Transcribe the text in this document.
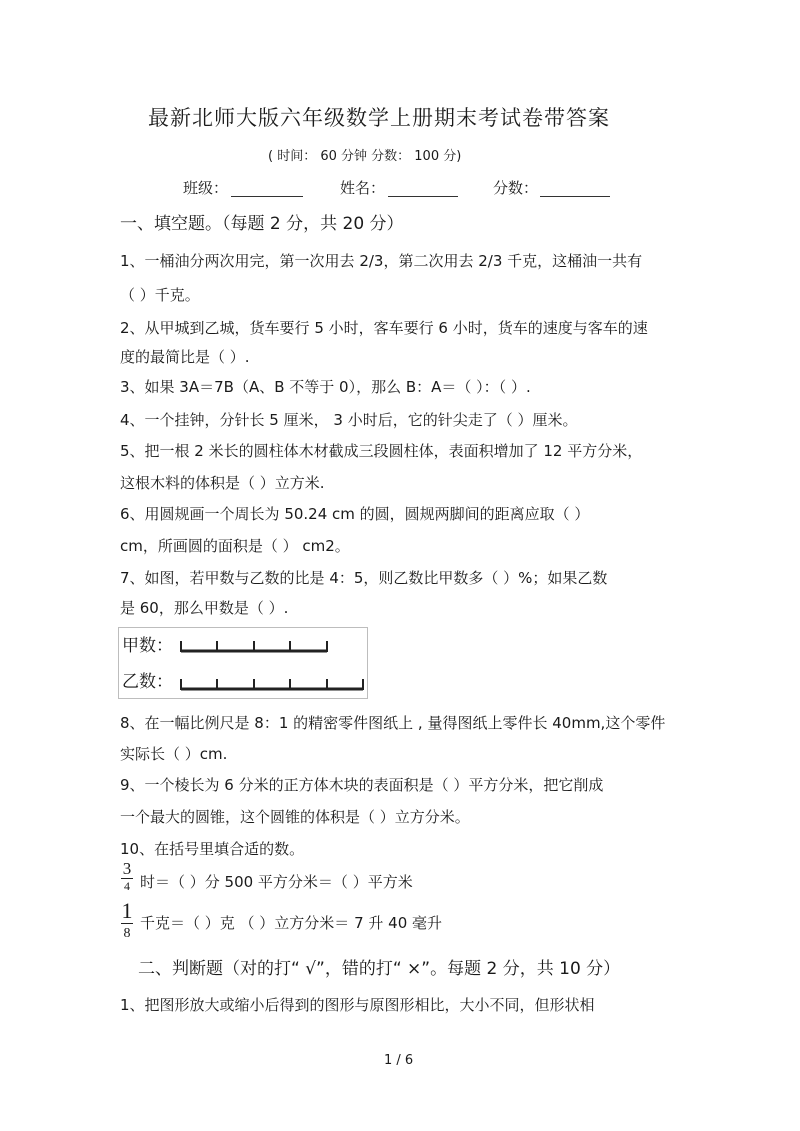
最新北师大版六年级数学上册期末考试卷带答案
( 时间： 60 分钟 分数： 100 分)
班级：	姓名：	分数：
一、填空题。（每题 2 分，共 20 分）
1、一桶油分两次用完，第一次用去 2/3，第二次用去 2/3 千克，这桶油一共有
（ ）千克。
2、从甲城到乙城，货车要行 5 小时，客车要行 6 小时，货车的速度与客车的速
度的最简比是（ ）.
3、如果 3A＝7B（A、B 不等于 0），那么 B：A＝（ ）：（ ）.
4、一个挂钟，分针长 5 厘米， 3 小时后，它的针尖走了（ ）厘米。
5、把一根 2 米长的圆柱体木材截成三段圆柱体，表面积增加了 12 平方分米，
这根木料的体积是（ ）立方米.
6、用圆规画一个周长为 50.24 cm 的圆，圆规两脚间的距离应取（ ）
cm，所画圆的面积是（ ） cm2。
7、如图，若甲数与乙数的比是 4：5，则乙数比甲数多（ ）%；如果乙数
是 60，那么甲数是（ ）.
甲数：
乙数：
8、在一幅比例尺是 8：1 的精密零件图纸上 , 量得图纸上零件长 40mm,这个零件
实际长（ ）cm.
9、一个棱长为 6 分米的正方体木块的表面积是（ ）平方分米，把它削成
一个最大的圆锥，这个圆锥的体积是（ ）立方分米。
10、在括号里填合适的数。
3
4 时＝（ ）分 500 平方分米＝（ ）平方米
1
8
千克＝（ ）克 （ ）立方分米＝ 7 升 40 毫升
二、判断题（对的打“ √”，错的打“ ×”。每题 2 分，共 10 分）
1、把图形放大或缩小后得到的图形与原图形相比，大小不同，但形状相
1 / 6
